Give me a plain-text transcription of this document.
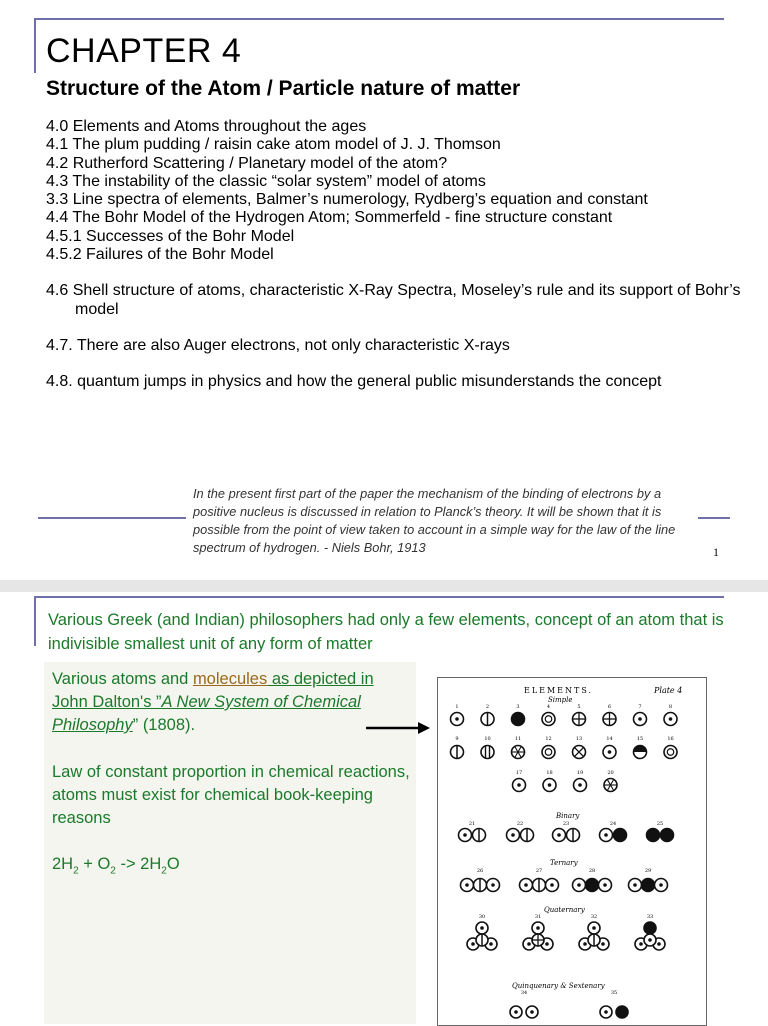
CHAPTER 4
Structure of the Atom / Particle nature of matter
4.0 Elements and Atoms throughout the ages
4.1 The plum pudding / raisin cake atom model of J. J. Thomson
4.2 Rutherford Scattering / Planetary model of the atom?
4.3 The instability of the classic “solar system” model of atoms
3.3 Line spectra of elements, Balmer’s numerology, Rydberg’s equation and constant
4.4 The Bohr Model of the Hydrogen Atom; Sommerfeld - fine structure constant
4.5.1 Successes of the Bohr Model
4.5.2 Failures of the Bohr Model
4.6 Shell structure of atoms, characteristic X-Ray Spectra, Moseley’s rule and its support of Bohr’s model
4.7. There are also Auger electrons, not only characteristic X-rays
4.8. quantum jumps in physics and how the general public misunderstands the concept
In the present first part of the paper the mechanism of the binding of electrons by a positive nucleus is discussed in relation to Planck’s theory. It will be shown that it is possible from the point of view taken to account in a simple way for the law of the line spectrum of hydrogen. - Niels Bohr, 1913	1
Various Greek (and Indian) philosophers had only a few elements, concept of an atom that is indivisible smallest unit of any form of matter

Various atoms and molecules as depicted in John Dalton's ”A New System of Chemical Philosophy” (1808).

Law of constant proportion in chemical reactions, atoms must exist for chemical book-keeping reasons

$2H_2 + O_2 -> 2H_2O$

ELEMENTS.	Plate 4
Simple
Binary
Ternary
Quaternary
Quinquenary & Sextenary
1	2	3	4	5	6	7	8
9	10	11	12	13	14	15	16
17	18	19	20
21	22	23	24	25
26	27	28	29
30	31	32	33
34	35
